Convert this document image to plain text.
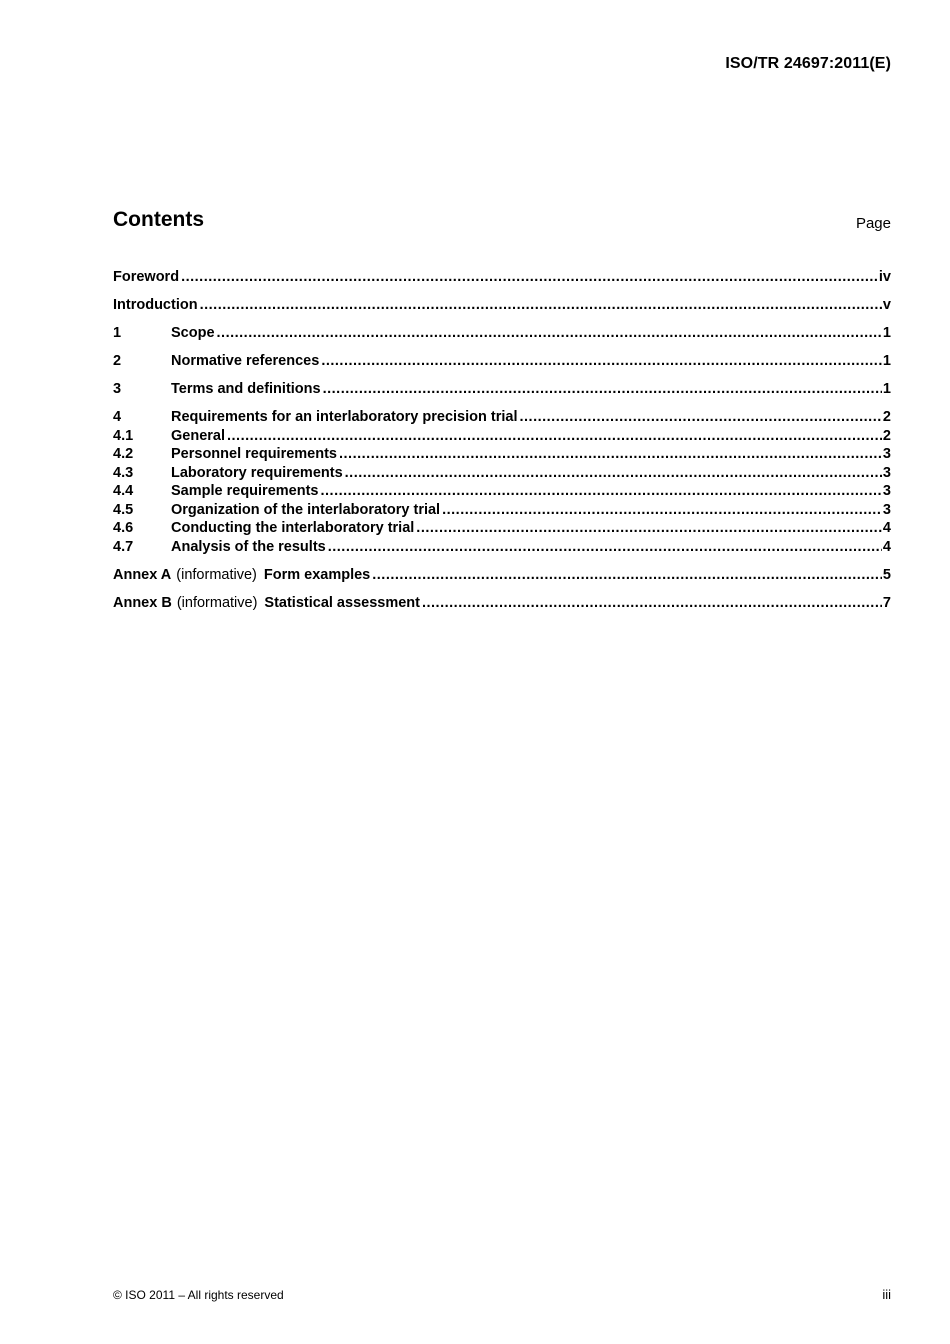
ISO/TR 24697:2011(E)
Contents	Page
Foreword .....	iv
Introduction .....	v
1	Scope .....	1
2	Normative references .....	1
3	Terms and definitions .....	1
4	Requirements for an interlaboratory precision trial .....	2
4.1	General .....	2
4.2	Personnel requirements .....	3
4.3	Laboratory requirements .....	3
4.4	Sample requirements .....	3
4.5	Organization of the interlaboratory trial .....	3
4.6	Conducting the interlaboratory trial .....	4
4.7	Analysis of the results .....	4
Annex A (informative) Form examples .....	5
Annex B (informative) Statistical assessment .....	7
© ISO 2011 – All rights reserved	iii
